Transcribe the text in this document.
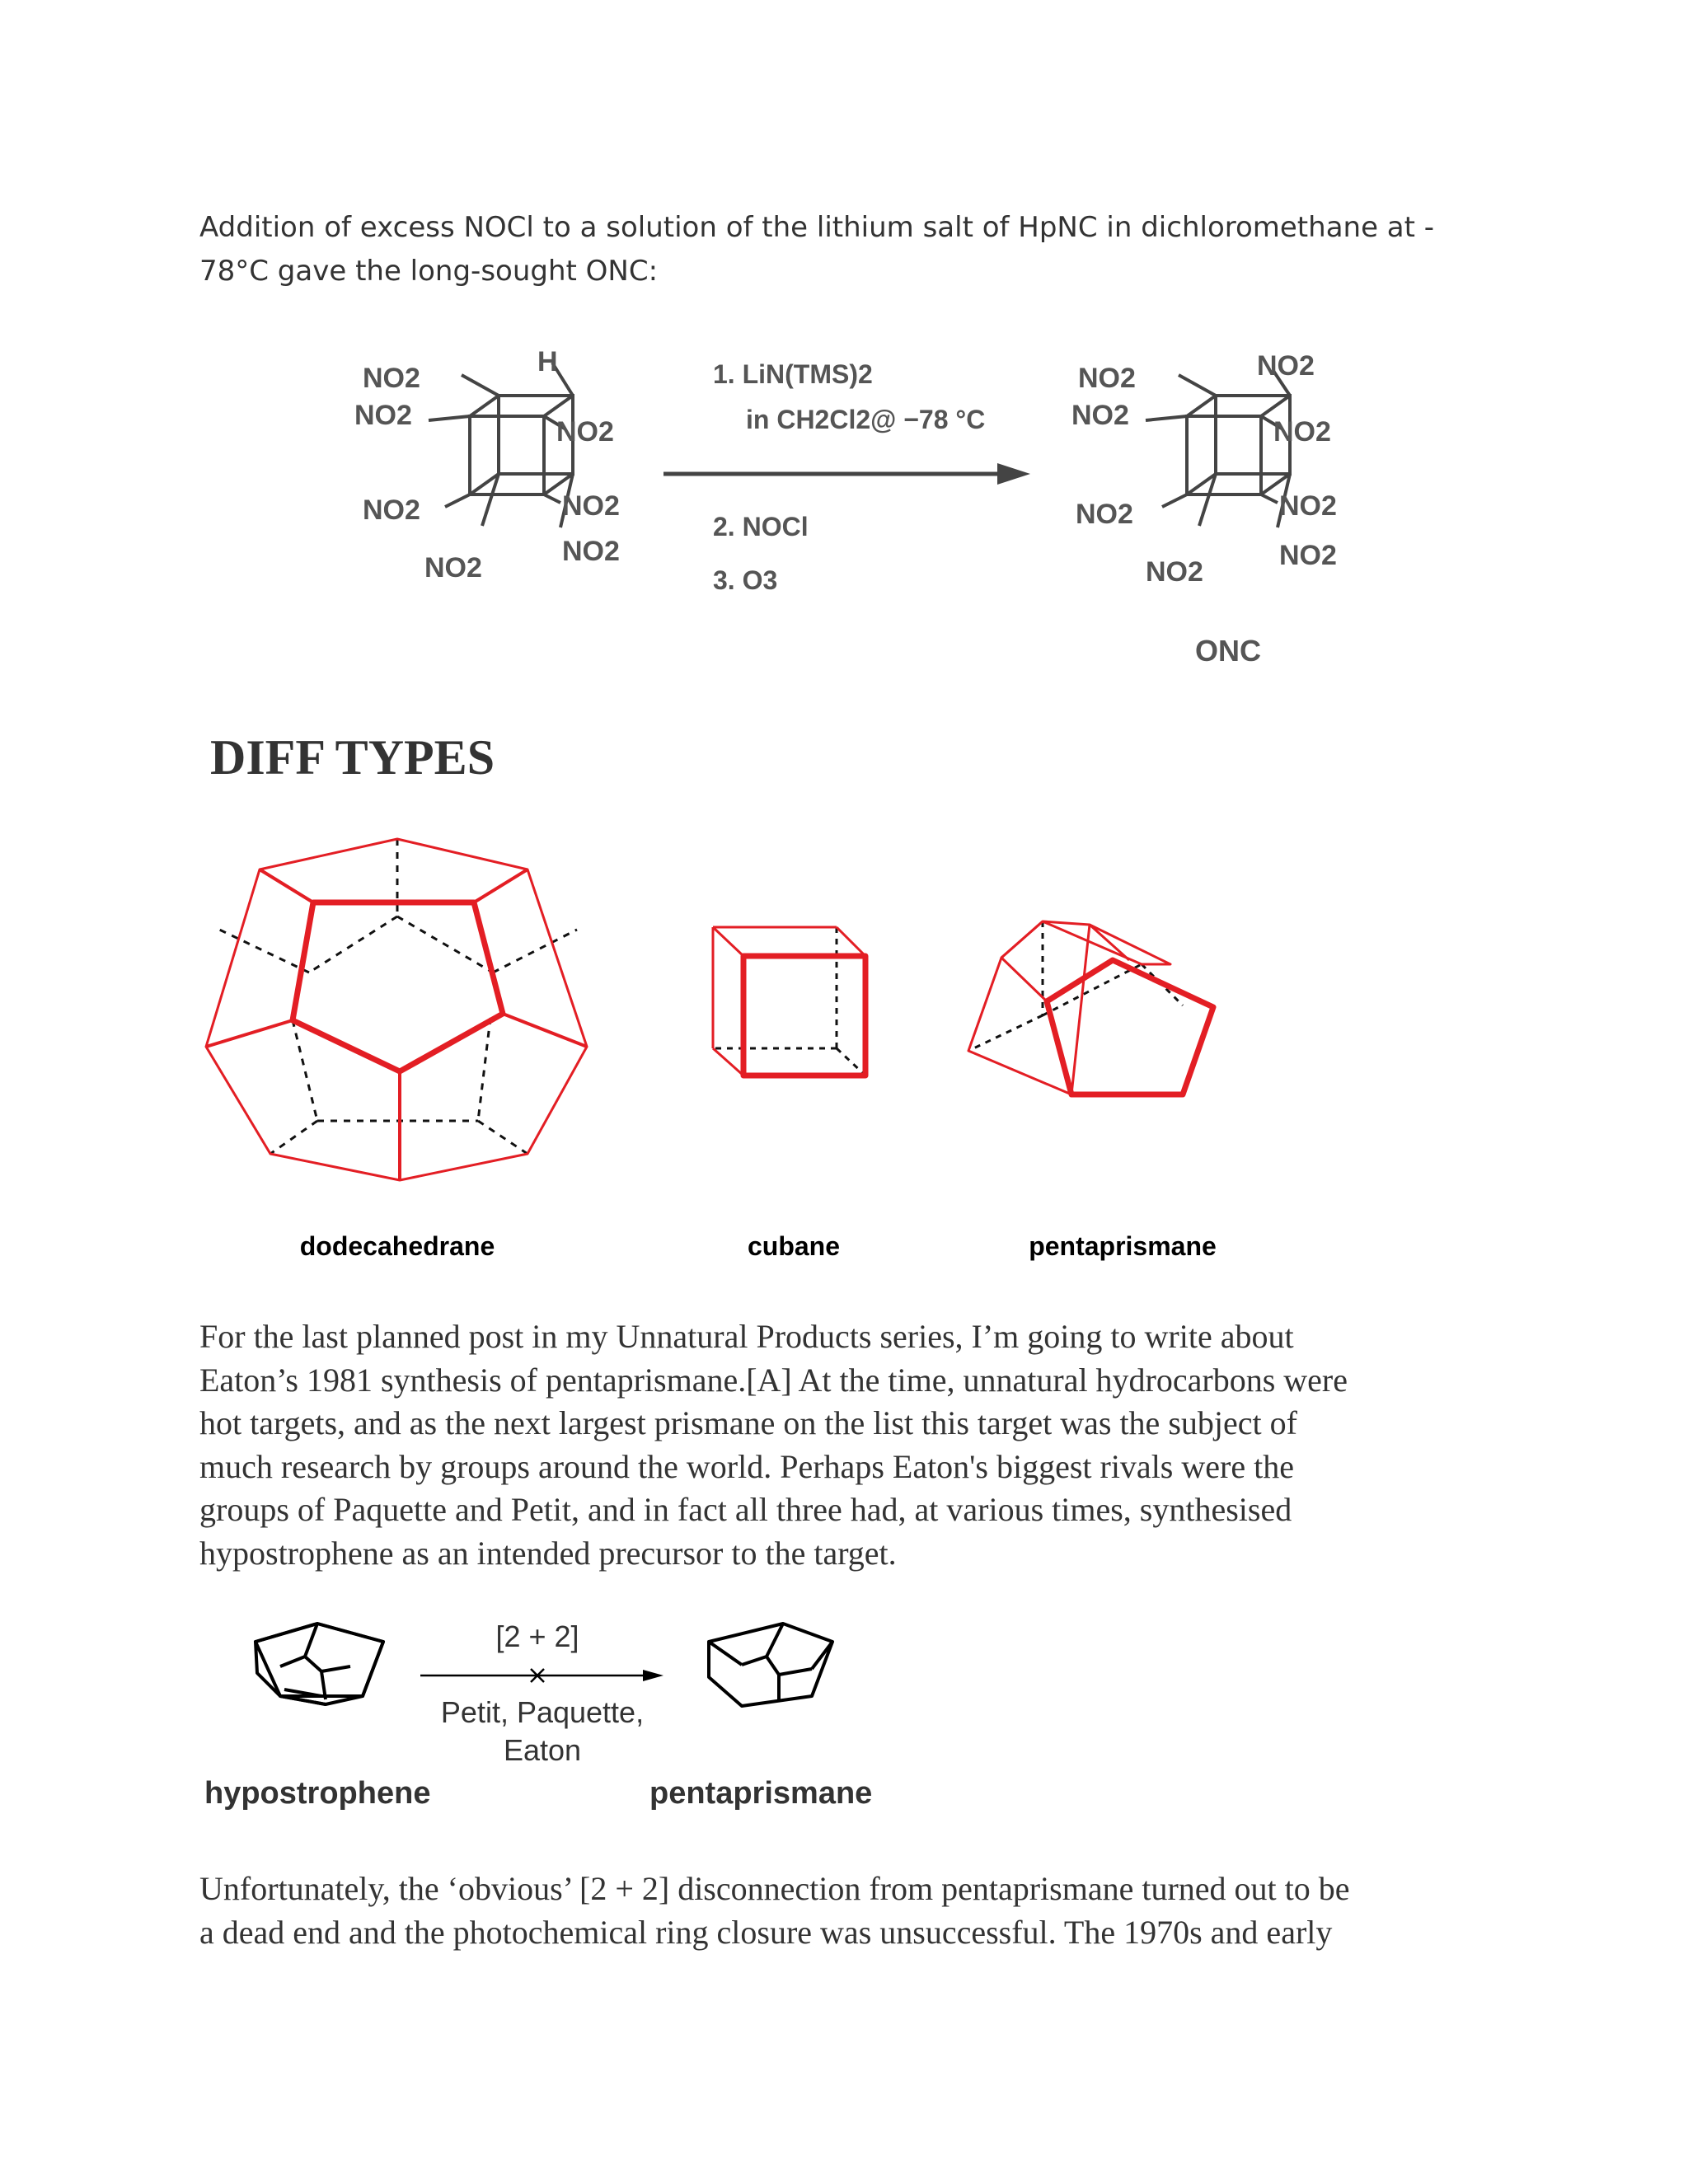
Addition of excess NOCl to a solution of the lithium salt of HpNC in dichloromethane at -
78°C gave the long-sought ONC:
NO2
NO2
NO2
NO2
NO2
NO2
NO2
H	1. LiN(TMS)2
in CH2Cl2@ −78 °C
2. NOCl
3. O3
NO2
NO2
NO2
NO2
NO2
NO2
NO2
NO2
ONC
DIFF TYPES
dodecahedrane	cubane	pentaprismane
For the last planned post in my Unnatural Products series, I’m going to write about
Eaton’s 1981 synthesis of pentaprismane.[A] At the time, unnatural hydrocarbons were
hot targets, and as the next largest prismane on the list this target was the subject of
much research by groups around the world. Perhaps Eaton's biggest rivals were the
groups of Paquette and Petit, and in fact all three had, at various times, synthesised
hypostrophene as an intended precursor to the target.
[2 + 2]
Petit, Paquette,
Eaton
hypostrophene	pentaprismane
Unfortunately, the ‘obvious’ [2 + 2] disconnection from pentaprismane turned out to be
a dead end and the photochemical ring closure was unsuccessful. The 1970s and early
